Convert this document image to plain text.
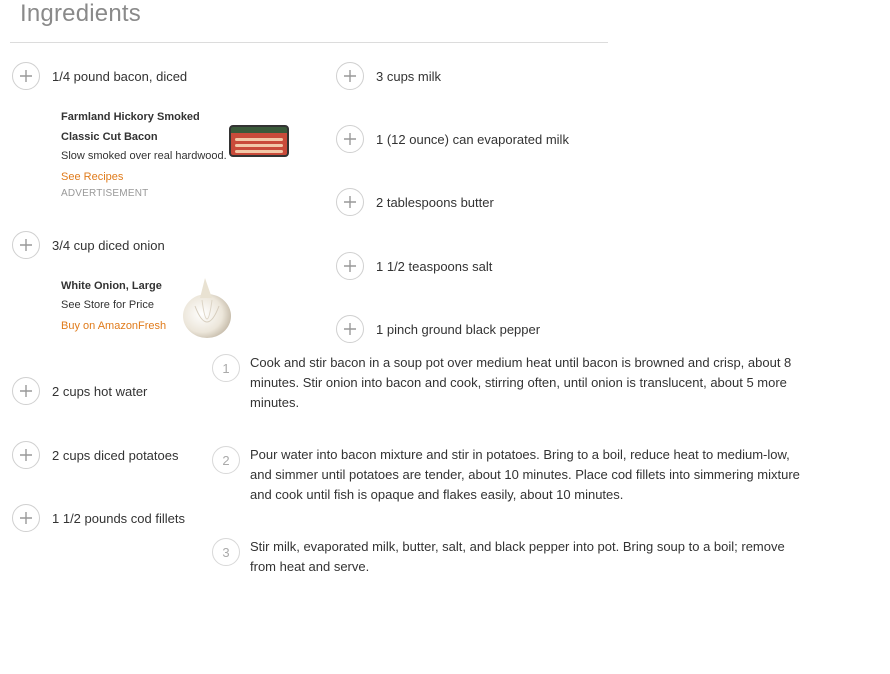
Ingredients
1/4 pound bacon, diced
Farmland Hickory Smoked
Classic Cut Bacon
Slow smoked over real hardwood.
See Recipes
ADVERTISEMENT
3/4 cup diced onion
White Onion, Large
See Store for Price
Buy on AmazonFresh
2 cups hot water
2 cups diced potatoes
1 1/2 pounds cod fillets
3 cups milk
1 (12 ounce) can evaporated milk
2 tablespoons butter
1 1/2 teaspoons salt
1 pinch ground black pepper
1	Cook and stir bacon in a soup pot over medium heat until bacon is browned and crisp, about 8 minutes. Stir onion into bacon and cook, stirring often, until onion is translucent, about 5 more minutes.
2	Pour water into bacon mixture and stir in potatoes. Bring to a boil, reduce heat to medium-low, and simmer until potatoes are tender, about 10 minutes. Place cod fillets into simmering mixture and cook until fish is opaque and flakes easily, about 10 minutes.
3	Stir milk, evaporated milk, butter, salt, and black pepper into pot. Bring soup to a boil; remove from heat and serve.
